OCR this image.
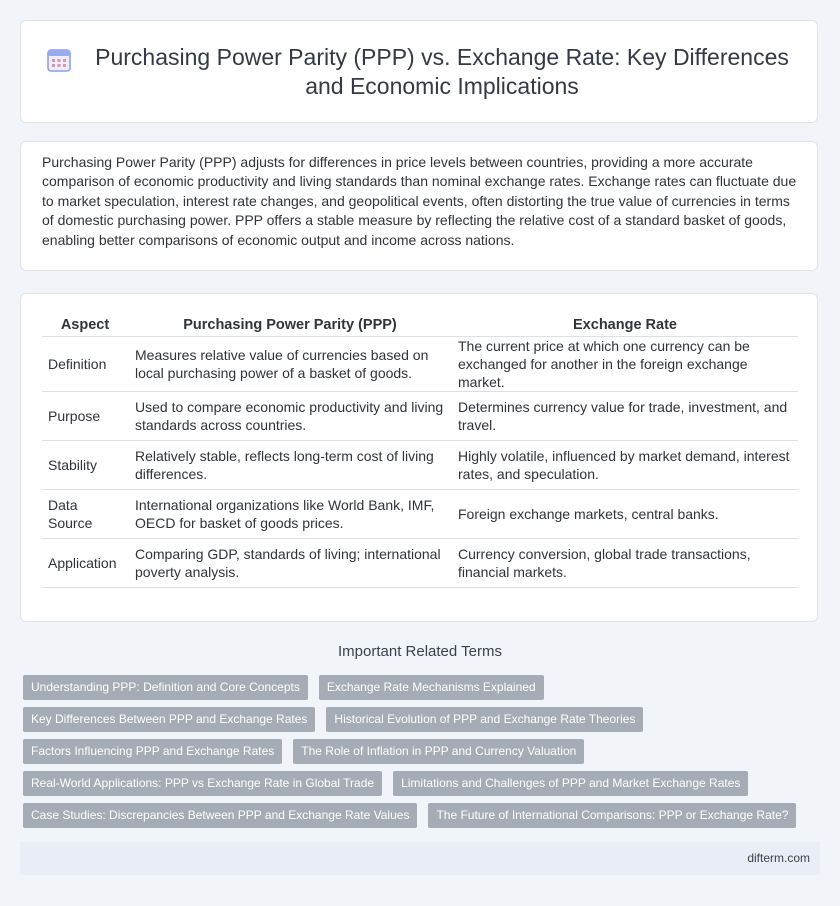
Purchasing Power Parity (PPP) vs. Exchange Rate: Key Differences and Economic Implications

Purchasing Power Parity (PPP) adjusts for differences in price levels between countries, providing a more accurate comparison of economic productivity and living standards than nominal exchange rates. Exchange rates can fluctuate due to market speculation, interest rate changes, and geopolitical events, often distorting the true value of currencies in terms of domestic purchasing power. PPP offers a stable measure by reflecting the relative cost of a standard basket of goods, enabling better comparisons of economic output and income across nations.

Aspect	Purchasing Power Parity (PPP)	Exchange Rate
Definition	Measures relative value of currencies based on local purchasing power of a basket of goods.	The current price at which one currency can be exchanged for another in the foreign exchange market.
Purpose	Used to compare economic productivity and living standards across countries.	Determines currency value for trade, investment, and travel.
Stability	Relatively stable, reflects long-term cost of living differences.	Highly volatile, influenced by market demand, interest rates, and speculation.
Data Source	International organizations like World Bank, IMF, OECD for basket of goods prices.	Foreign exchange markets, central banks.
Application	Comparing GDP, standards of living; international poverty analysis.	Currency conversion, global trade transactions, financial markets.
Important Related Terms
Understanding PPP: Definition and Core Concepts Exchange Rate Mechanisms Explained
Key Differences Between PPP and Exchange Rates Historical Evolution of PPP and Exchange Rate Theories
Factors Influencing PPP and Exchange Rates The Role of Inflation in PPP and Currency Valuation
Real-World Applications: PPP vs Exchange Rate in Global Trade Limitations and Challenges of PPP and Market Exchange Rates
Case Studies: Discrepancies Between PPP and Exchange Rate Values The Future of International Comparisons: PPP or Exchange Rate?
difterm.com
